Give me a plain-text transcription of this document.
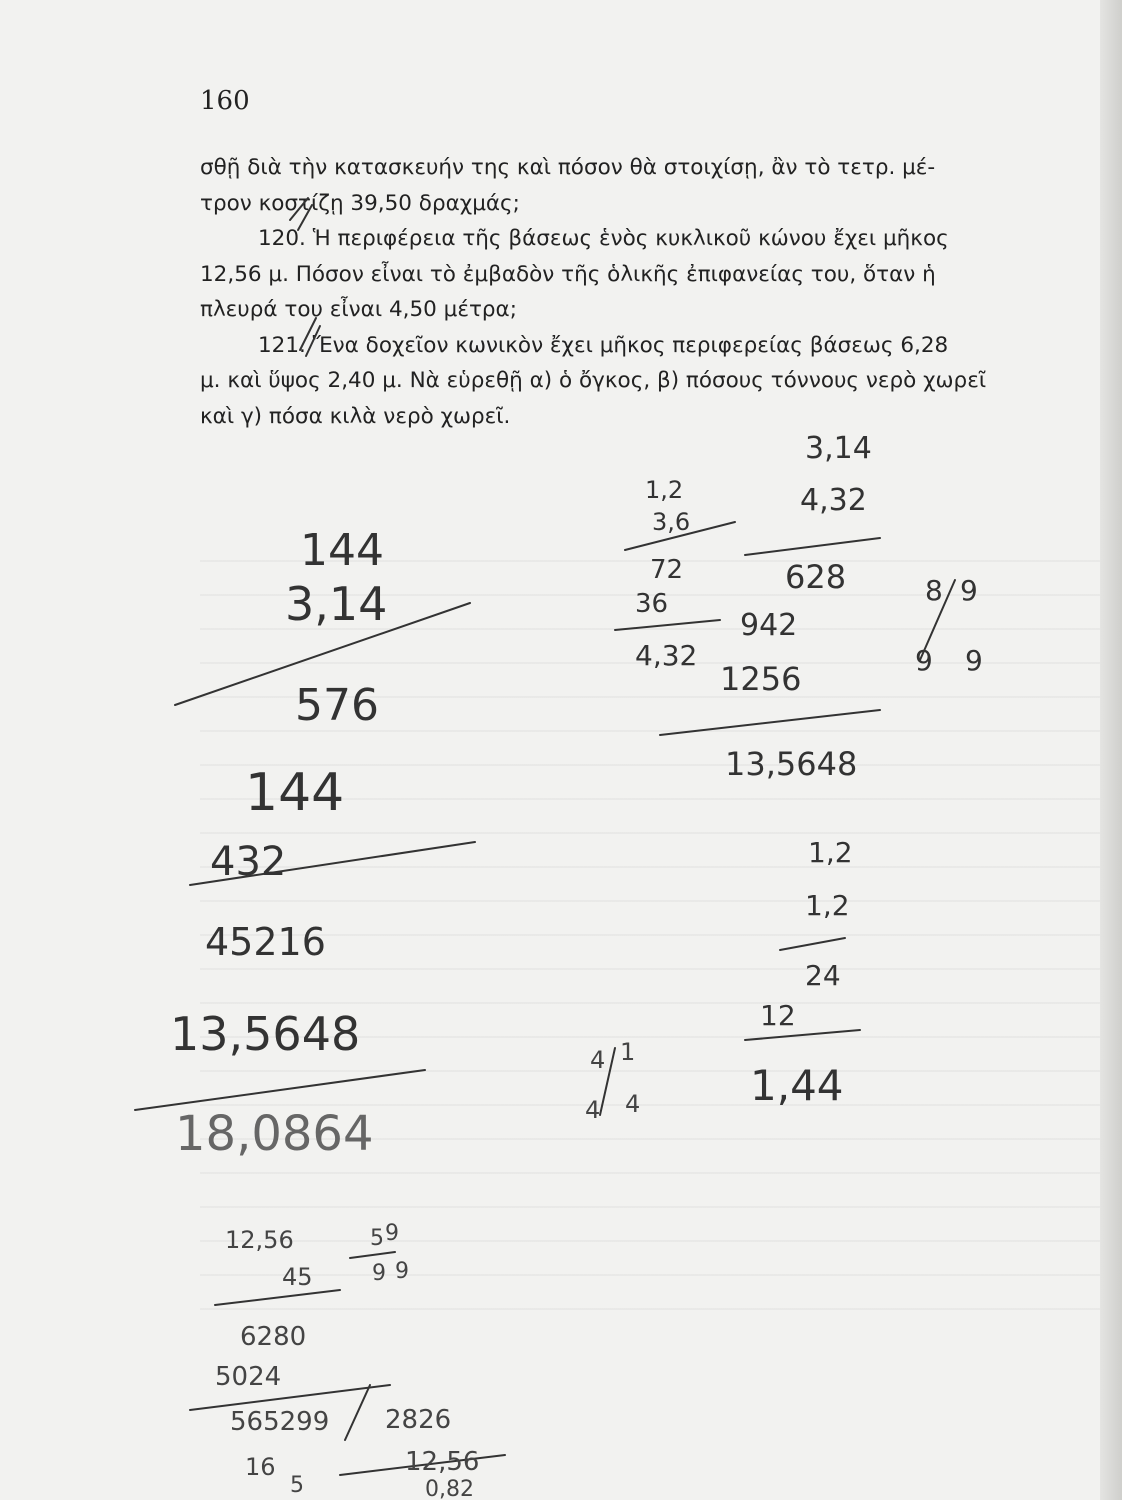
160

σθῇ διὰ τὴν κατασκευήν της καὶ πόσον θὰ στοιχίσῃ, ἂν τὸ τετρ. μέ-
τρον κοστίζῃ 39,50 δραχμάς;

120. Ἡ περιφέρεια τῆς βάσεως ἑνὸς κυκλικοῦ κώνου ἔχει μῆκος
12,56 μ. Πόσον εἶναι τὸ ἐμβαδὸν τῆς ὁλικῆς ἐπιφανείας του, ὅταν ἡ
πλευρά του εἶναι 4,50 μέτρα;

121. Ἕνα δοχεῖον κωνικὸν ἔχει μῆκος περιφερείας βάσεως 6,28
μ. καὶ ὕψος 2,40 μ. Νὰ εὑρεθῇ α) ὁ ὄγκος, β) πόσους τόννους νερὸ χωρεῖ
καὶ γ) πόσα κιλὰ νερὸ χωρεῖ.

144
3,14
576
144
432
45216
13,5648
18,0864
1,2
3,6
72
36
4,32
3,14
4,32
628
942
1256
13,5648
8 9
9 9
1,2
1,2
24
12
1,44
4 1
4 4
12,56
45
6280
5024
565299
16
5
5 9
9 9
2826
12,56
0,82
